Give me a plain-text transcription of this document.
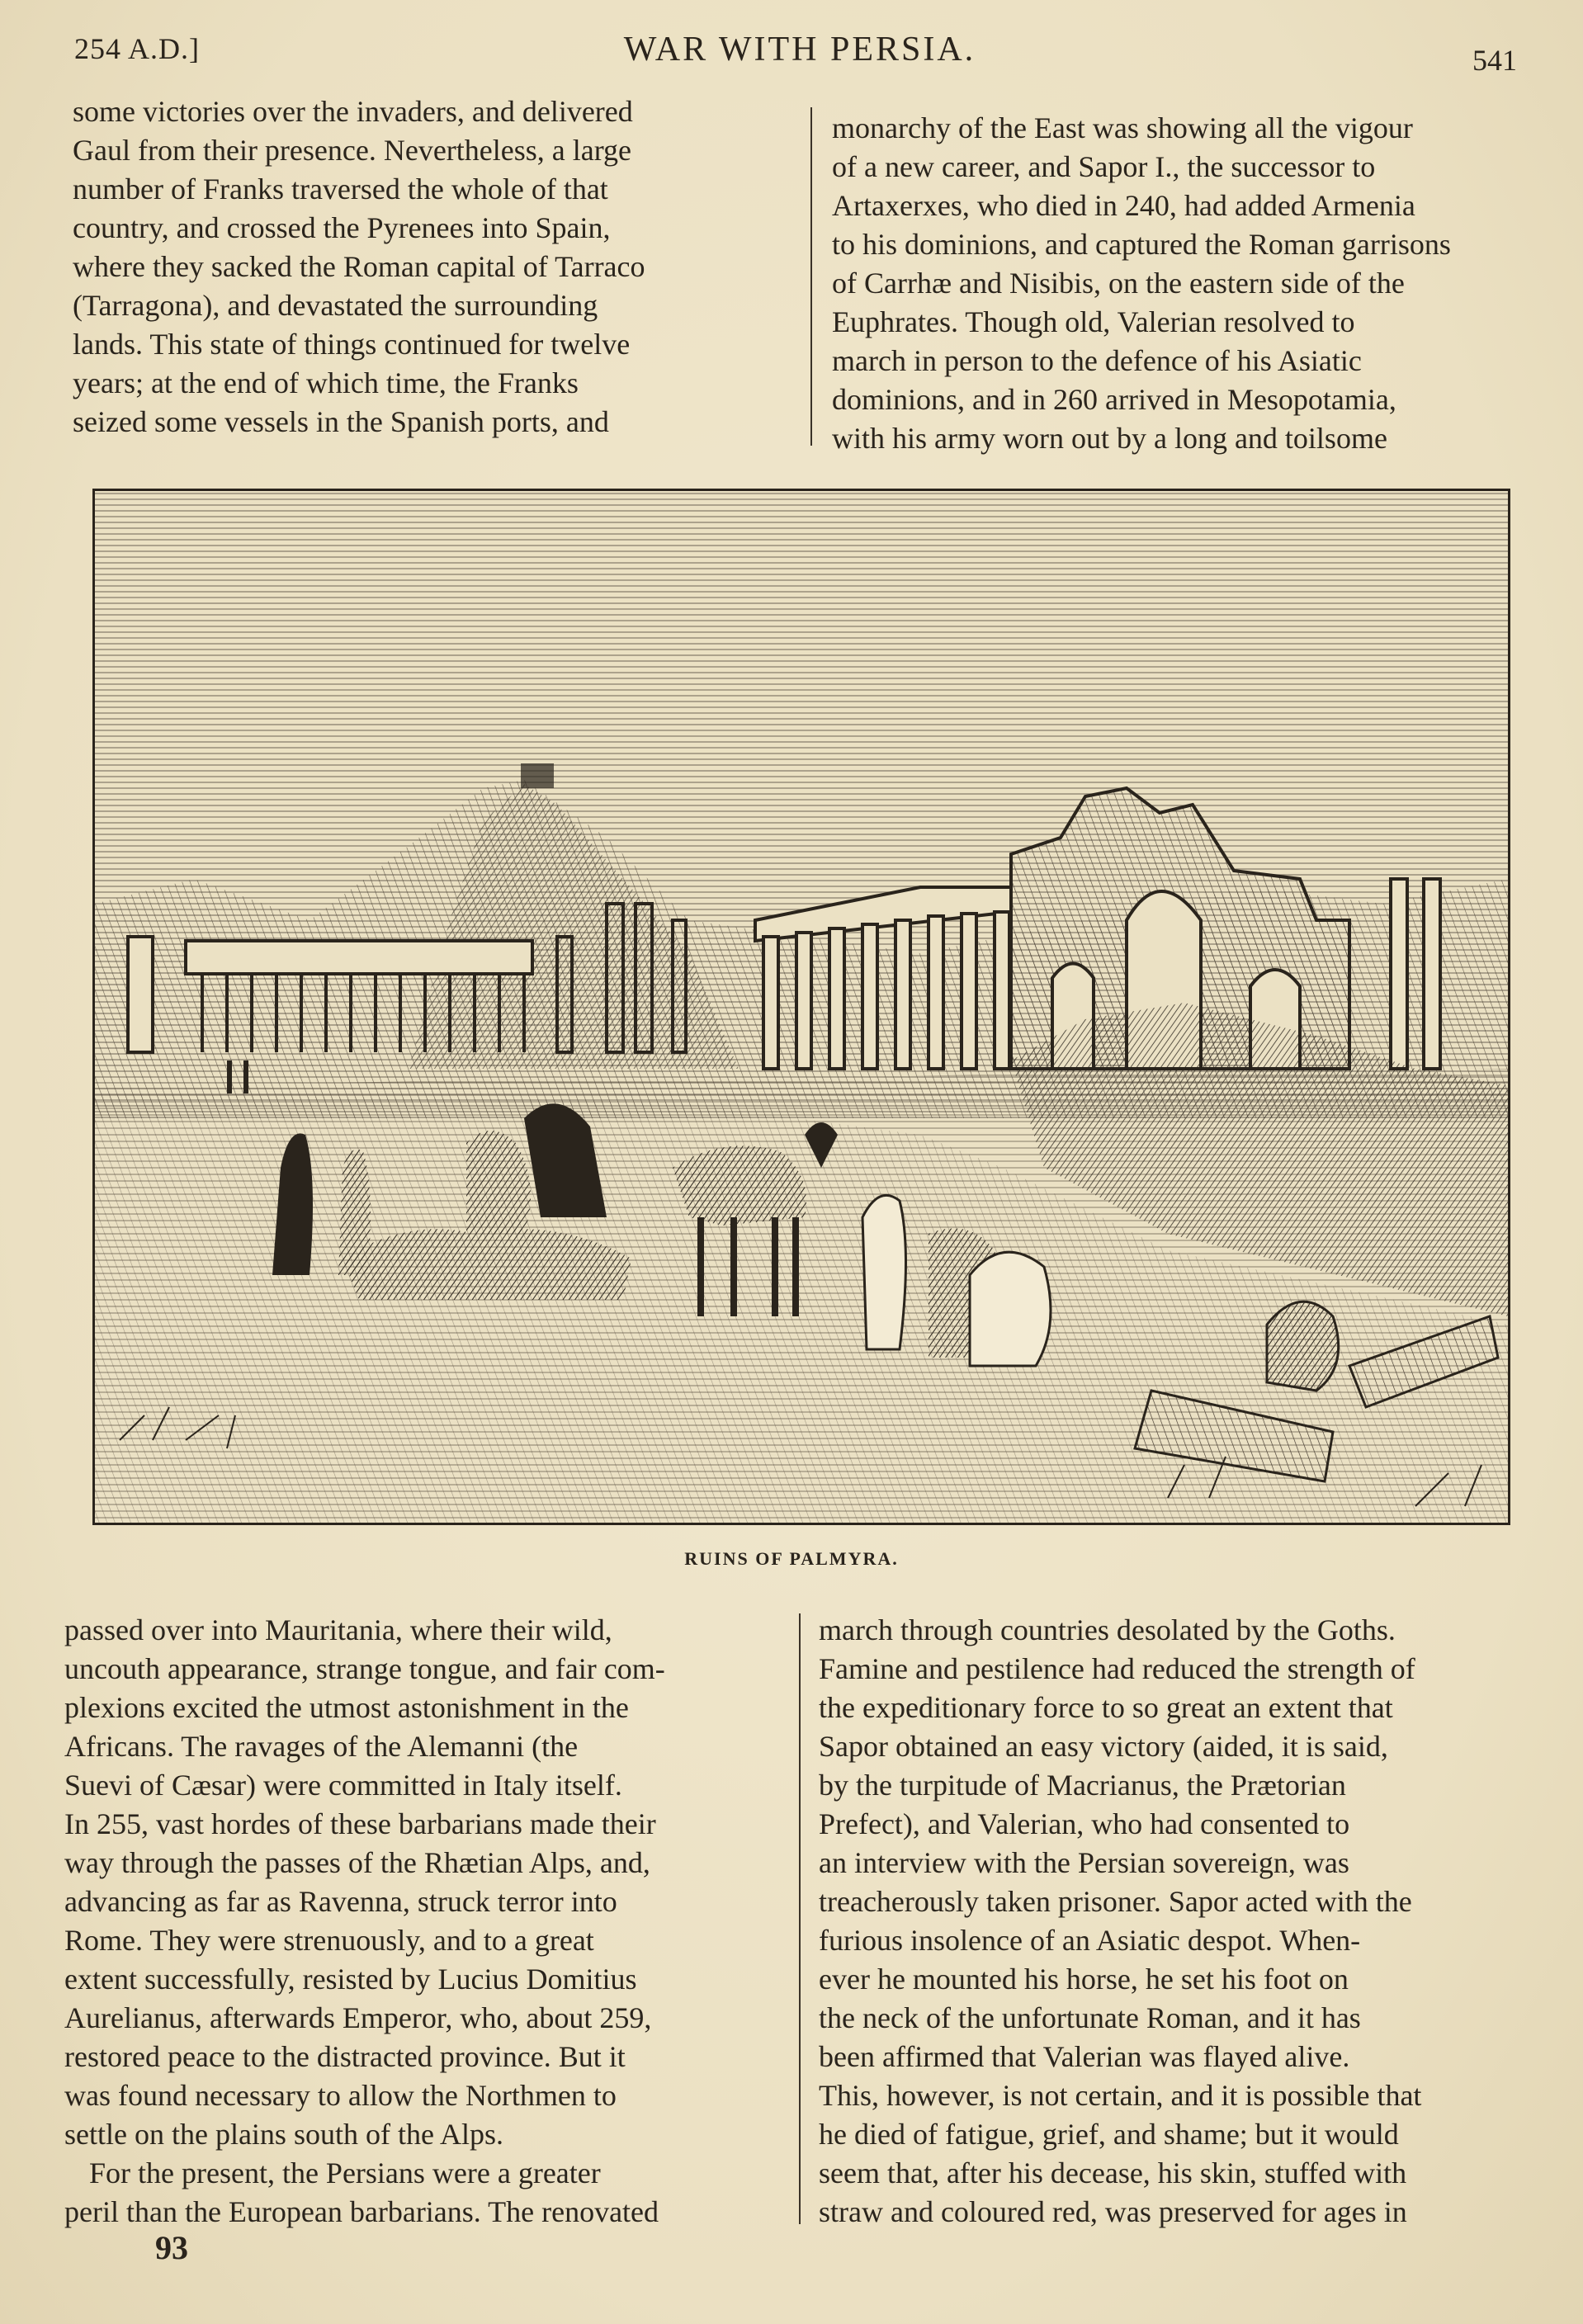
254 A.D.]	WAR WITH PERSIA.	541

some victories over the invaders, and delivered

Gaul from their presence. Nevertheless, a large

number of Franks traversed the whole of that

country, and crossed the Pyrenees into Spain,

where they sacked the Roman capital of Tarraco

(Tarragona), and devastated the surrounding

lands. This state of things continued for twelve

years; at the end of which time, the Franks

seized some vessels in the Spanish ports, and

monarchy of the East was showing all the vigour

of a new career, and Sapor I., the successor to

Artaxerxes, who died in 240, had added Armenia

to his dominions, and captured the Roman garrisons

of Carrhæ and Nisibis, on the eastern side of the

Euphrates. Though old, Valerian resolved to

march in person to the defence of his Asiatic

dominions, and in 260 arrived in Mesopotamia,

with his army worn out by a long and toilsome

RUINS OF PALMYRA.

passed over into Mauritania, where their wild,

uncouth appearance, strange tongue, and fair com-

plexions excited the utmost astonishment in the

Africans. The ravages of the Alemanni (the

Suevi of Cæsar) were committed in Italy itself.

In 255, vast hordes of these barbarians made their

way through the passes of the Rhætian Alps, and,

advancing as far as Ravenna, struck terror into

Rome. They were strenuously, and to a great

extent successfully, resisted by Lucius Domitius

Aurelianus, afterwards Emperor, who, about 259,

restored peace to the distracted province. But it

was found necessary to allow the Northmen to

settle on the plains south of the Alps.

For the present, the Persians were a greater

peril than the European barbarians. The renovated

march through countries desolated by the Goths.

Famine and pestilence had reduced the strength of

the expeditionary force to so great an extent that

Sapor obtained an easy victory (aided, it is said,

by the turpitude of Macrianus, the Prætorian

Prefect), and Valerian, who had consented to

an interview with the Persian sovereign, was

treacherously taken prisoner. Sapor acted with the

furious insolence of an Asiatic despot. When-

ever he mounted his horse, he set his foot on

the neck of the unfortunate Roman, and it has

been affirmed that Valerian was flayed alive.

This, however, is not certain, and it is possible that

he died of fatigue, grief, and shame; but it would

seem that, after his decease, his skin, stuffed with

straw and coloured red, was preserved for ages in

93
